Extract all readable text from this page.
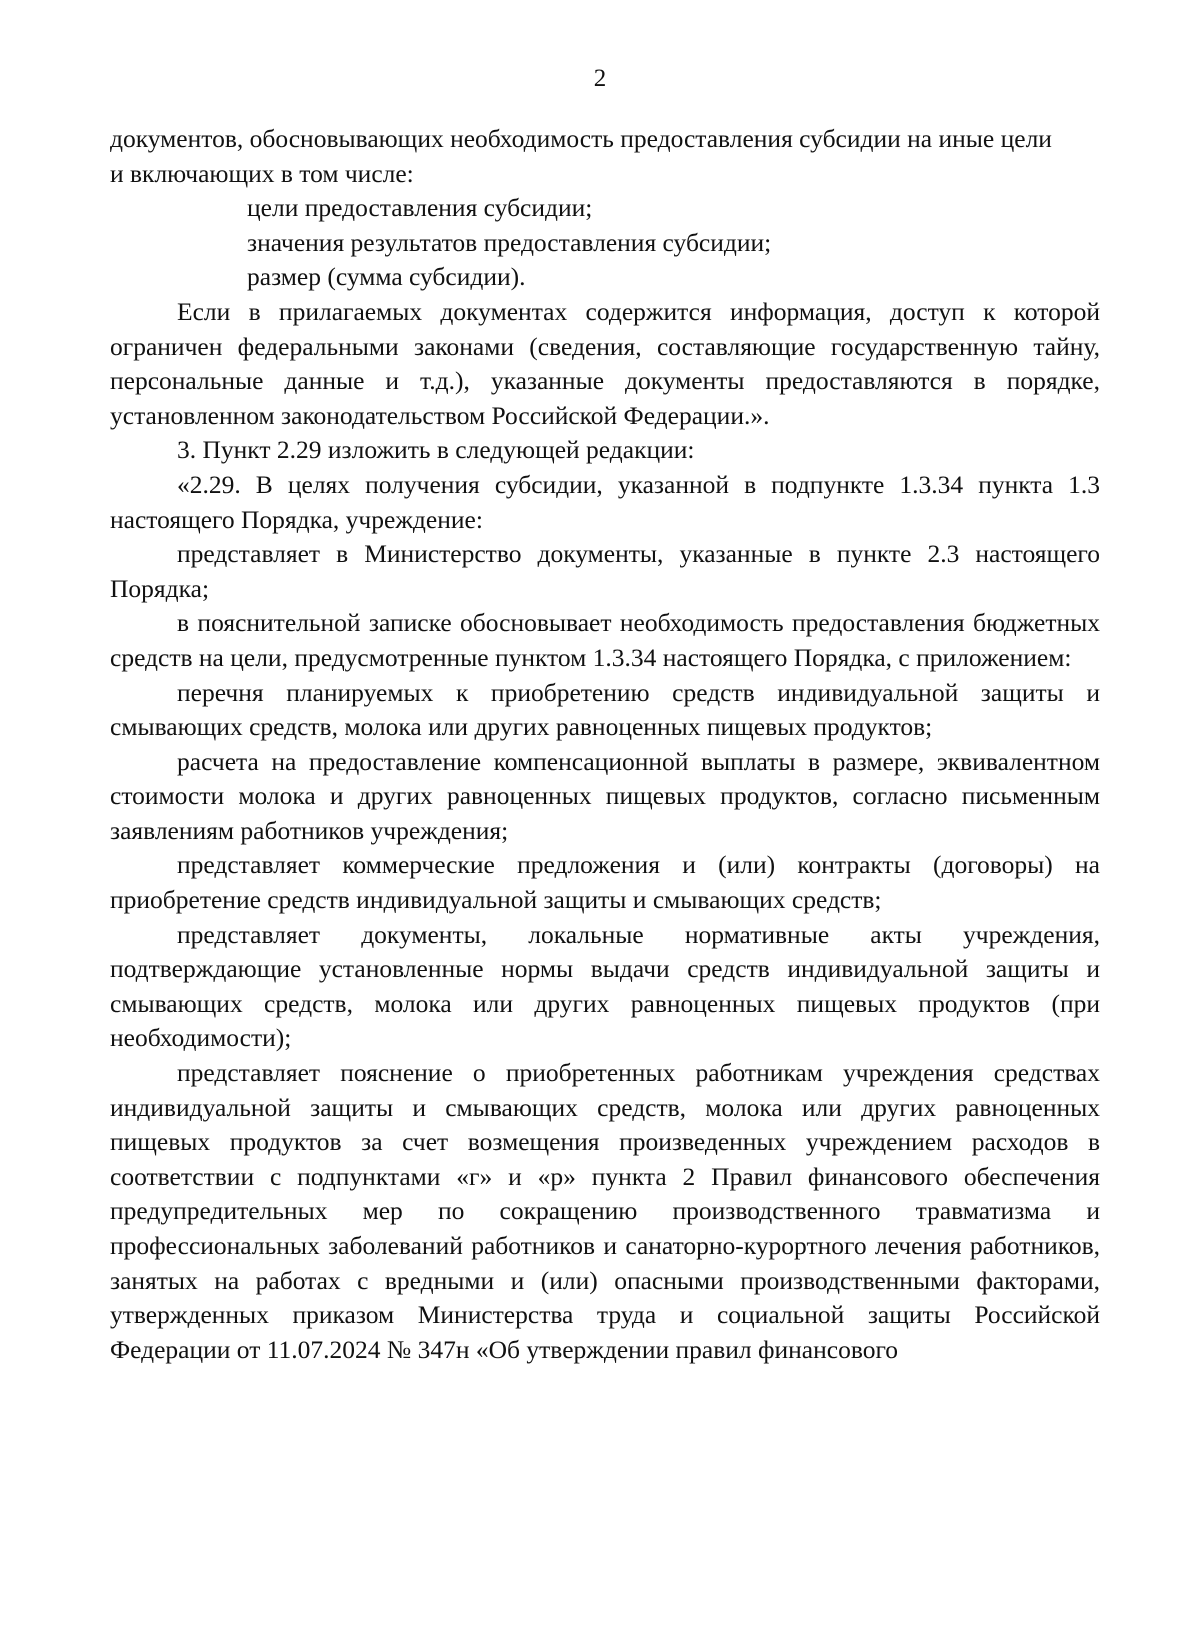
2

документов, обосновывающих необходимость предоставления субсидии на иные цели

и включающих в том числе:

цели предоставления субсидии;

значения результатов предоставления субсидии;

размер (сумма субсидии).

Если в прилагаемых документах содержится информация, доступ к которой ограничен федеральными законами (сведения, составляющие государственную тайну, персональные данные и т.д.), указанные документы предоставляются в порядке, установленном законодательством Российской Федерации.».

3. Пункт 2.29 изложить в следующей редакции:

«2.29. В целях получения субсидии, указанной в подпункте 1.3.34 пункта 1.3 настоящего Порядка, учреждение:

представляет в Министерство документы, указанные в пункте 2.3 настоящего Порядка;

в пояснительной записке обосновывает необходимость предоставления бюджетных средств на цели, предусмотренные пунктом 1.3.34 настоящего Порядка, с приложением:

перечня планируемых к приобретению средств индивидуальной защиты и смывающих средств, молока или других равноценных пищевых продуктов;

расчета на предоставление компенсационной выплаты в размере, эквивалентном стоимости молока и других равноценных пищевых продуктов, согласно письменным заявлениям работников учреждения;

представляет коммерческие предложения и (или) контракты (договоры) на приобретение средств индивидуальной защиты и смывающих средств;

представляет документы, локальные нормативные акты учреждения, подтверждающие установленные нормы выдачи средств индивидуальной защиты и смывающих средств, молока или других равноценных пищевых продуктов (при необходимости);

представляет пояснение о приобретенных работникам учреждения средствах индивидуальной защиты и смывающих средств, молока или других равноценных пищевых продуктов за счет возмещения произведенных учреждением расходов в соответствии с подпунктами «г» и «р» пункта 2 Правил финансового обеспечения предупредительных мер по сокращению производственного травматизма и профессиональных заболеваний работников и санаторно-курортного лечения работников, занятых на работах с вредными и (или) опасными производственными факторами, утвержденных приказом Министерства труда и социальной защиты Российской Федерации от 11.07.2024 № 347н «Об утверждении правил финансового
